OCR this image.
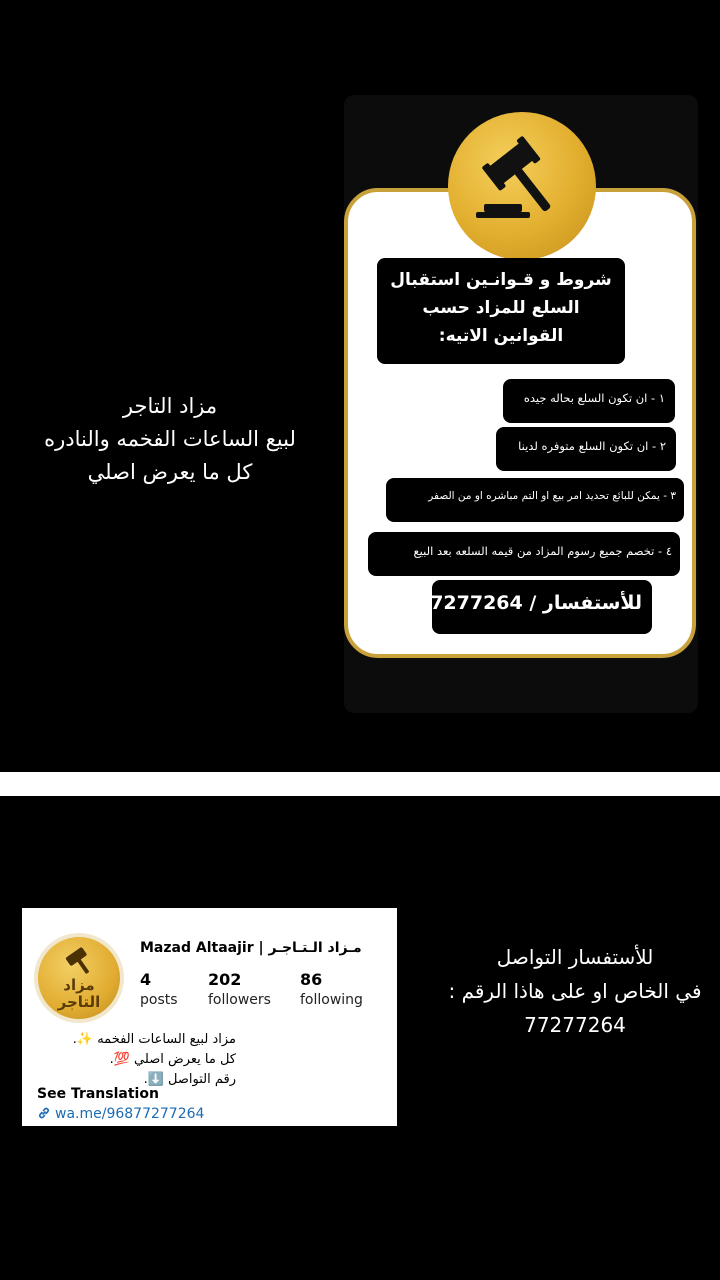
مزاد التاجر
لبيع الساعات الفخمه والنادره
كل ما يعرض اصلي
شروط و قـوانـين استقبال السلع للمزاد حسب القوانين الاتيه:
١ - ان تكون السلع بحاله جيده
٢ - ان تكون السلع متوفره لدينا
٣ - يمكن للبائع تحديد امر بيع او التم مباشره او من الصفر
٤ - تخصم جميع رسوم المزاد من قيمه السلعه بعد البيع
للأستفسار / 77277264
للأستفسار التواصل
في الخاص او على هاذا الرقم :
77277264
مزاد التاجر
Mazad Altaajir | مـزاد الـتـاجـر
4
posts
202
followers
86
following
مزاد لبيع الساعات الفخمه ✨.
كل ما يعرض اصلي 💯.
رقم التواصل ⬇️.
See Translation
wa.me/96877277264
